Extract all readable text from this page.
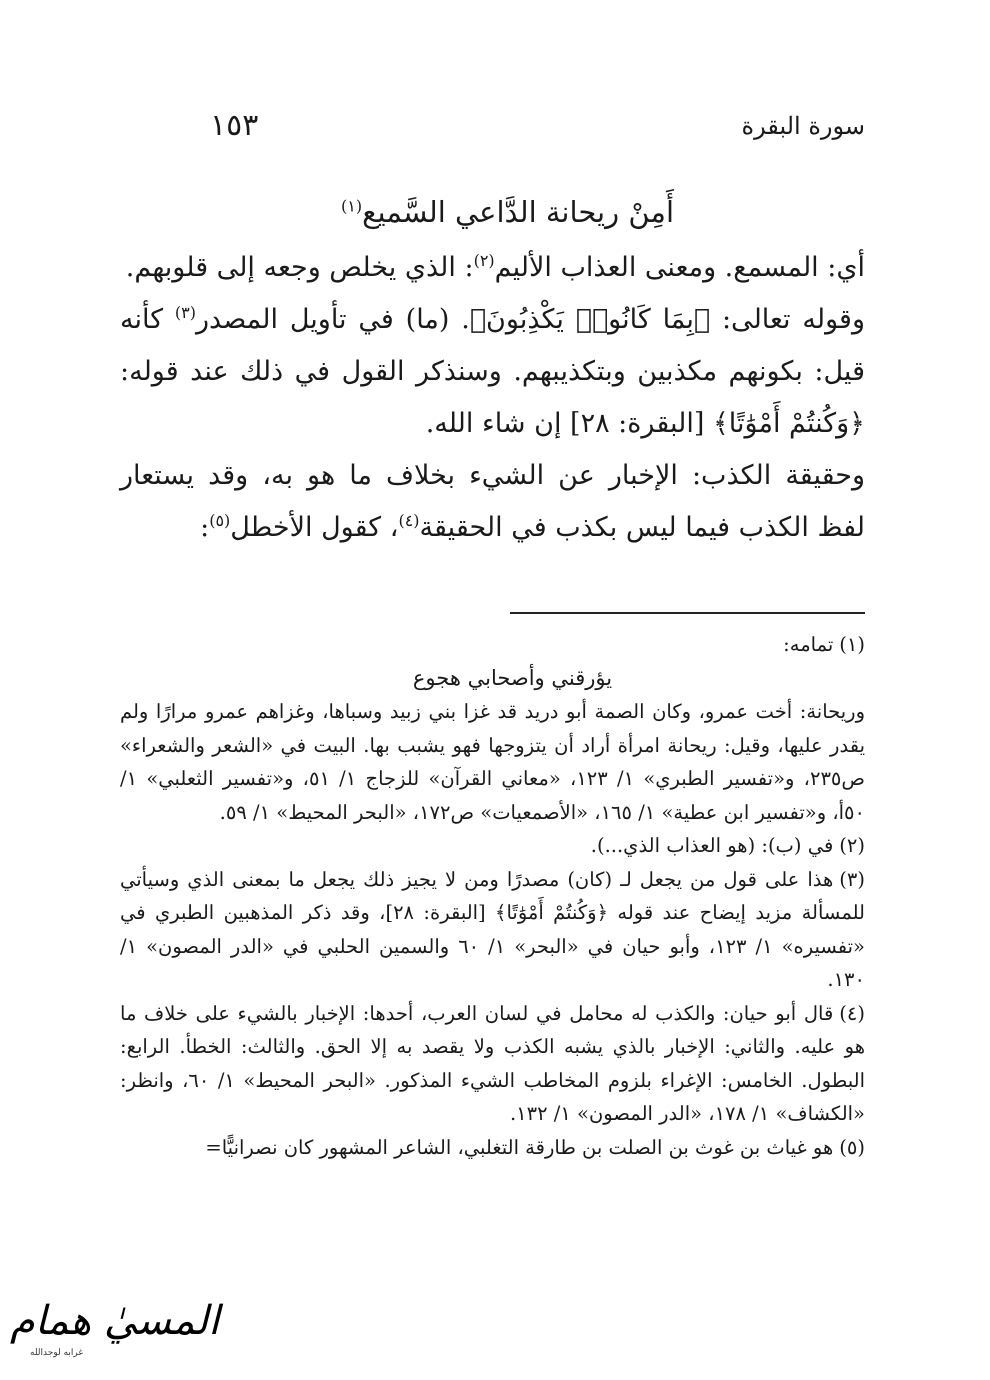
سورة البقرة
١٥٣
أَمِنْ ريحانة الدَّاعي السَّميع$^{(١)}$

أي: المسمع. ومعنى العذاب الأليم$^{(٢)}$: الذي يخلص وجعه إلى قلوبهم.

وقوله تعالى: ﴿بِمَا كَانُوا۟ يَكْذِبُونَ﴾. (ما) في تأويل المصدر$^{(٣)}$ كأنه قيل: بكونهم مكذبين وبتكذيبهم. وسنذكر القول في ذلك عند قوله: ﴿وَكُنتُمْ أَمْوَٰتًا﴾ [البقرة: ٢٨] إن شاء الله.

وحقيقة الكذب: الإخبار عن الشيء بخلاف ما هو به، وقد يستعار لفظ الكذب فيما ليس بكذب في الحقيقة$^{(٤)}$، كقول الأخطل$^{(٥)}$:

(١)تمامه:

يؤرقني وأصحابي هجوع

وريحانة: أخت عمرو، وكان الصمة أبو دريد قد غزا بني زبيد وسباها، وغزاهم عمرو مرارًا ولم يقدر عليها، وقيل: ريحانة امرأة أراد أن يتزوجها فهو يشبب بها. البيت في «الشعر والشعراء» ص٢٣٥، و«تفسير الطبري» ١/ ١٢٣، «معاني القرآن» للزجاج ١/ ٥١، و«تفسير الثعلبي» ١/ ٥٠أ، و«تفسير ابن عطية» ١/ ١٦٥، «الأصمعيات» ص١٧٢، «البحر المحيط» ١/ ٥٩.

(٢)في (ب): (هو العذاب الذي...).

(٣)هذا على قول من يجعل لـ (كان) مصدرًا ومن لا يجيز ذلك يجعل ما بمعنى الذي وسيأتي للمسألة مزيد إيضاح عند قوله ﴿وَكُنتُمْ أَمْوَٰتًا﴾ [البقرة: ٢٨]، وقد ذكر المذهبين الطبري في «تفسيره» ١/ ١٢٣، وأبو حيان في «البحر» ١/ ٦٠ والسمين الحلبي في «الدر المصون» ١/ ١٣٠.

(٤)قال أبو حيان: والكذب له محامل في لسان العرب، أحدها: الإخبار بالشيء على خلاف ما هو عليه. والثاني: الإخبار بالذي يشبه الكذب ولا يقصد به إلا الحق. والثالث: الخطأ. الرابع: البطول. الخامس: الإغراء بلزوم المخاطب الشيء المذكور. «البحر المحيط» ١/ ٦٠، وانظر: «الكشاف» ١/ ١٧٨، «الدر المصون» ١/ ١٣٢.

(٥)هو غياث بن غوث بن الصلت بن طارقة التغلبي، الشاعر المشهور كان نصرانيًّا=

المسيٰ همام
غرابه لوجدالله
